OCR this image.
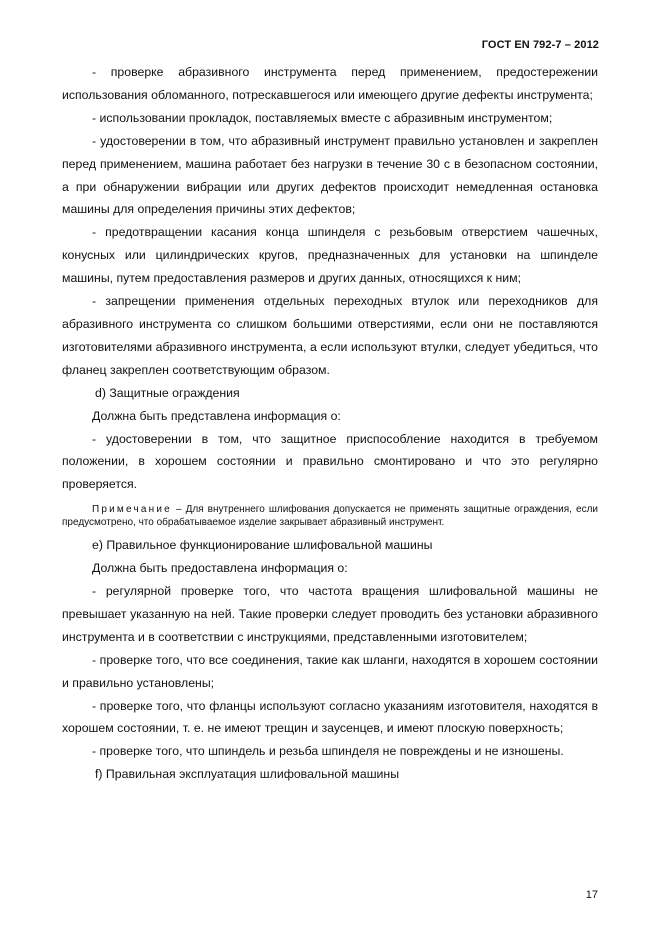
ГОСТ EN 792-7 – 2012

- проверке абразивного инструмента перед применением, предостережении использования обломанного, потрескавшегося или имеющего другие дефекты инструмента;

- использовании прокладок, поставляемых вместе с абразивным инструментом;

- удостоверении в том, что абразивный инструмент правильно установлен и закреплен перед применением, машина работает без нагрузки в течение 30 с в безопасном состоянии, а при обнаружении вибрации или других дефектов происходит немедленная остановка машины для определения причины этих дефектов;

- предотвращении касания конца шпинделя с резьбовым отверстием чашечных, конусных или цилиндрических кругов, предназначенных для установки на шпинделе машины, путем предоставления размеров и других данных, относящихся к ним;

- запрещении применения отдельных переходных втулок или переходников для абразивного инструмента со слишком большими отверстиями, если они не поставляются изготовителями абразивного инструмента, а если используют втулки, следует убедиться, что фланец закреплен соответствующим образом.

d) Защитные ограждения

Должна быть представлена информация о:

- удостоверении в том, что защитное приспособление находится в требуемом положении, в хорошем состоянии и правильно смонтировано и что это регулярно проверяется.

Примечание – Для внутреннего шлифования допускается не применять защитные ограждения, если предусмотрено, что обрабатываемое изделие закрывает абразивный инструмент.

e) Правильное функционирование шлифовальной машины

Должна быть предоставлена информация о:

- регулярной проверке того, что частота вращения шлифовальной машины не превышает указанную на ней. Такие проверки следует проводить без установки абразивного инструмента и в соответствии с инструкциями, представленными изготовителем;

- проверке того, что все соединения, такие как шланги, находятся в хорошем состоянии и правильно установлены;

- проверке того, что фланцы используют согласно указаниям изготовителя, находятся в хорошем состоянии, т. е. не имеют трещин и заусенцев, и имеют плоскую поверхность;

- проверке того, что шпиндель и резьба шпинделя не повреждены и не изношены.

f) Правильная эксплуатация шлифовальной машины

17
